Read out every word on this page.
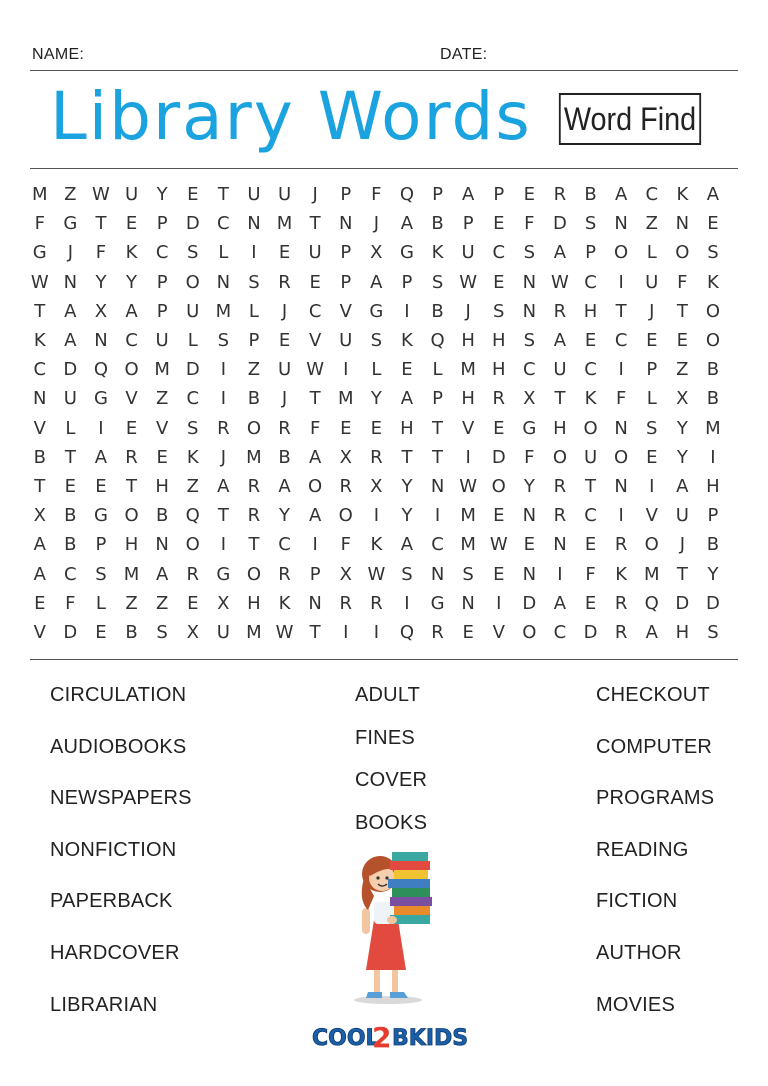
NAME:	DATE:
Library Words Word Find
M Z W U	Y	E	T	U U	J	P	F Q P	A	P	E	R B A C K	A
F G T	E	P D C N M T N	J	A B	P	E	F D S N Z N E
G	J	F	K C	S	L	I	E U	P	X G K U C	S	A	P O	L O S
W N Y	Y	P O N S	R	E	P	A	P	S W E N W C	I	U	F	K
T	A X A	P	U M L	J	C V G	I	B	J	S N R H T	J	T O
K	A N C U	L	S	P	E	V U S	K Q H H S	A	E	C	E	E O
C D Q O M D	I	Z U W	I	L	E	L M H C U C	I	P	Z B
N U G V Z C	I	B	J	T M Y	A	P H R X	T	K	F	L	X B
V	L	I	E	V	S	R O R	F	E	E H T	V	E G H O N S	Y M
B	T	A R	E	K	J	M B A X R	T	T	I	D F O U O E	Y	I
T	E	E	T H Z A R A O R X	Y N W O Y	R	T N	I	A H
X B G O B Q T	R	Y	A O	I	Y	I	M E N R C	I	V U	P
A B	P H N O	I	T	C	I	F	K	A C M W E N E	R O	J	B
A C	S M A R G O R	P	X W S N S	E N	I	F	K M T	Y
E	F	L	Z Z	E	X H K N R R	I	G N	I	D A	E	R Q D D
V D E	B	S	X U M W T	I	I	Q R	E	V O C D R A H S
CIRCULATION
AUDIOBOOKS
NEWSPAPERS
NONFICTION
PAPERBACK
HARDCOVER
LIBRARIAN
ADULT
FINES
COVER
BOOKS
CHECKOUT
COMPUTER
PROGRAMS
READING
FICTION
AUTHOR
MOVIES
COOL
2 BKIDS
